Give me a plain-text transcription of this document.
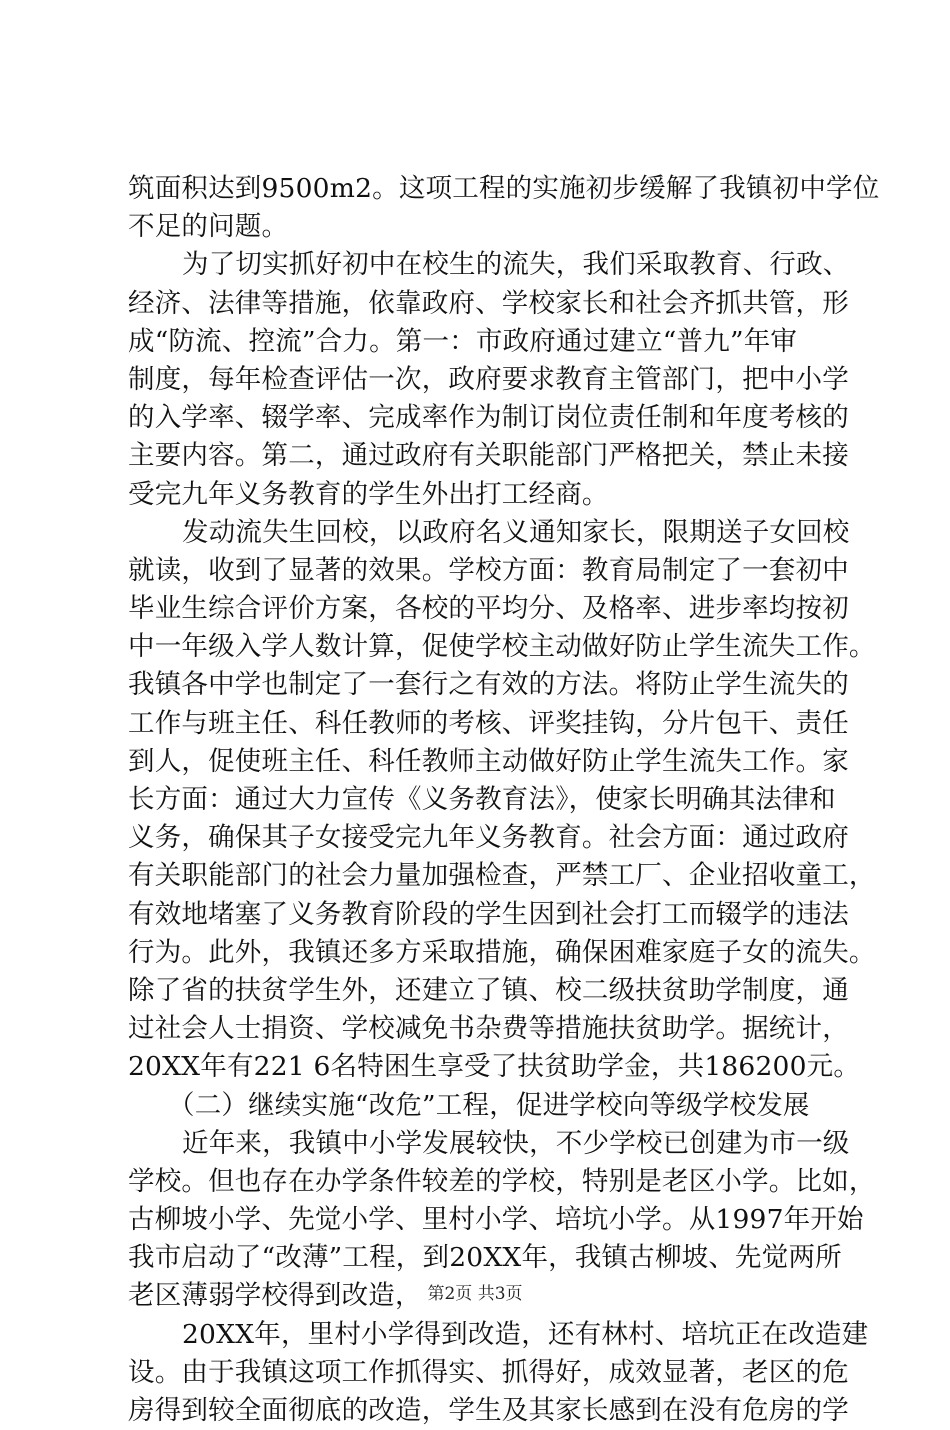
筑面积达到9500m2。这项工程的实施初步缓解了我镇初中学位
不足的问题。
为了切实抓好初中在校生的流失，我们采取教育、行政、
经济、法律等措施，依靠政府、学校家长和社会齐抓共管，形
成“防流、控流”合力。第一：市政府通过建立“普九”年审
制度，每年检查评估一次，政府要求教育主管部门，把中小学
的入学率、辍学率、完成率作为制订岗位责任制和年度考核的
主要内容。第二，通过政府有关职能部门严格把关，禁止未接
受完九年义务教育的学生外出打工经商。
发动流失生回校，以政府名义通知家长，限期送子女回校
就读，收到了显著的效果。学校方面：教育局制定了一套初中
毕业生综合评价方案，各校的平均分、及格率、进步率均按初
中一年级入学人数计算，促使学校主动做好防止学生流失工作。
我镇各中学也制定了一套行之有效的方法。将防止学生流失的
工作与班主任、科任教师的考核、评奖挂钩，分片包干、责任
到人，促使班主任、科任教师主动做好防止学生流失工作。家
长方面：通过大力宣传《义务教育法》，使家长明确其法律和
义务，确保其子女接受完九年义务教育。社会方面：通过政府
有关职能部门的社会力量加强检查，严禁工厂、企业招收童工，
有效地堵塞了义务教育阶段的学生因到社会打工而辍学的违法
行为。此外，我镇还多方采取措施，确保困难家庭子女的流失。
除了省的扶贫学生外，还建立了镇、校二级扶贫助学制度，通
过社会人士捐资、学校减免书杂费等措施扶贫助学。据统计，
20XX年有221 6名特困生享受了扶贫助学金，共186200元。
（二）继续实施“改危”工程，促进学校向等级学校发展
近年来，我镇中小学发展较快，不少学校已创建为市一级
学校。但也存在办学条件较差的学校，特别是老区小学。比如，
古柳坡小学、先觉小学、里村小学、培坑小学。从1997年开始
我市启动了“改薄”工程，到20XX年，我镇古柳坡、先觉两所
老区薄弱学校得到改造，
20XX年，里村小学得到改造，还有林村、培坑正在改造建
设。由于我镇这项工作抓得实、抓得好，成效显著，老区的危
房得到较全面彻底的改造，学生及其家长感到在没有危房的学
第2页 共3页
